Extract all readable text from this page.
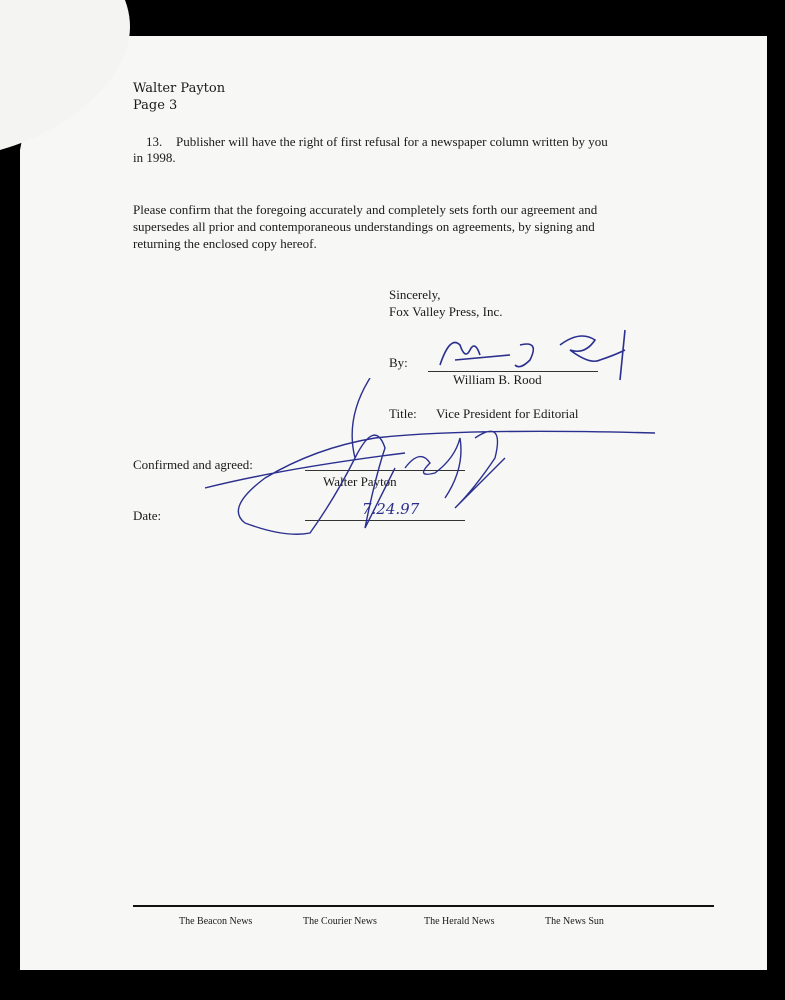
Walter Payton
Page 3
13. Publisher will have the right of first refusal for a newspaper column written by you
in 1998.
Please confirm that the foregoing accurately and completely sets forth our agreement and
supersedes all prior and contemporaneous understandings on agreements, by signing and
returning the enclosed copy hereof.
Sincerely,
Fox Valley Press, Inc.
By:
William B. Rood
Title: Vice President for Editorial
Confirmed and agreed:
Walter Payton
Date:	7.24.97
The Beacon News	The Courier News	The Herald News	The News Sun
